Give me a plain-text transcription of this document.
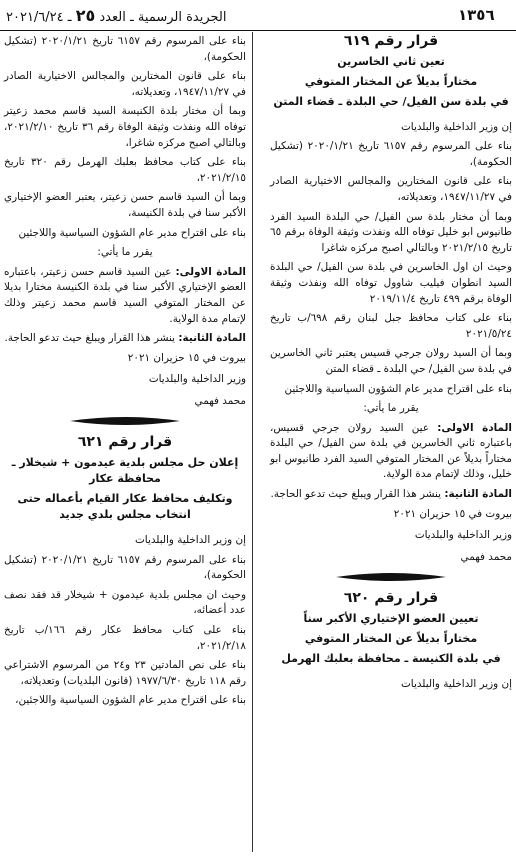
١٣٥٦
الجريدة الرسمية ـ العدد ٢٥ ـ ٢٠٢١/٦/٢٤

قرار رقم ٦١٩

تعين ثاني الخاسرين

مختاراً بديلاً عن المختار المتوفي

في بلدة سن الفيل/ حي البلدة ـ قضاء المتن

إن وزير الداخلية والبلديات

بناء على المرسوم رقم ٦١٥٧ تاريخ ٢٠٢٠/١/٢١ (تشكيل الحكومة)،

بناء على قانون المختارين والمجالس الاختيارية الصادر في ١٩٤٧/١١/٢٧، وتعديلاته،

وبما أن مختار بلدة سن الفيل/ حي البلدة السيد الفرد طانيوس ابو خليل توفاه الله ونفذت وثيقة الوفاة برقم ٦٥ تاريخ ٢٠٢١/٢/١٥ وبالتالي اصبح مركزه شاغرا

وحيث ان اول الخاسرين في بلدة سن الفيل/ حي البلدة السيد انطوان فيليب شاوول توفاه الله ونفذت وثيقة الوفاة برقم ٤٩٩ تاريخ ٢٠١٩/١١/٤

بناء على كتاب محافظ جبل لبنان رقم ٦٩٨/ب تاريخ ٢٠٢١/٥/٢٤

وبما أن السيد رولان جرجي قسيس يعتبر ثاني الخاسرين في بلدة سن الفيل/ حي البلدة ـ قضاء المتن

بناء على اقتراح مدير عام الشؤون السياسية واللاجئين

يقرر ما يأتي:

المادة الاولى: عين السيد رولان جرجي قسيس، باعتباره ثاني الخاسرين في بلدة سن الفيل/ حي البلدة مختاراً بديلاً عن المختار المتوفي السيد الفرد طانيوس ابو خليل، وذلك لإتمام مدة الولاية.

المادة الثانية: ينشر هذا القرار ويبلغ حيث تدعو الحاجة.

بيروت في ١٥ حزيران ٢٠٢١

وزير الداخلية والبلديات

محمد فهمي

قرار رقم ٦٢٠

تعيين العضو الإختياري الأكبر سناً

مختاراً بديلاً عن المختار المتوفي

في بلدة الكنيسة ـ محافظة بعلبك الهرمل

إن وزير الداخلية والبلديات

بناء على المرسوم رقم ٦١٥٧ تاريخ ٢٠٢٠/١/٢١ (تشكيل الحكومة)،

بناء على قانون المختارين والمجالس الاختيارية الصادر في ١٩٤٧/١١/٢٧، وتعديلاته،

وبما أن مختار بلدة الكنيسة السيد قاسم محمد زعيتر توفاه الله ونفذت وثيقة الوفاة رقم ٣٦ تاريخ ٢٠٢١/٢/١٠، وبالتالي اصبح مركزه شاغرا،

بناء على كتاب محافظ بعلبك الهرمل رقم ٣٢٠ تاريخ ٢٠٢١/٢/١٥،

وبما أن السيد قاسم حسن زعيتر، يعتبر العضو الإختياري الأكبر سنا في بلدة الكنيسة،

بناء على اقتراح مدير عام الشؤون السياسية واللاجئين

يقرر ما يأتي:

المادة الاولى: عين السيد قاسم حسن زعيتر، باعتباره العضو الإختياري الأكبر سنا في بلدة الكنيسة مختارا بديلا عن المختار المتوفي السيد قاسم محمد زعيتر وذلك لإتمام مدة الولاية.

المادة الثانية: ينشر هذا القرار ويبلغ حيث تدعو الحاجة.

بيروت في ١٥ حزيران ٢٠٢١

وزير الداخلية والبلديات

محمد فهمي

قرار رقم ٦٢١

إعلان حل مجلس بلدية عيدمون + شيخلار ـ محافظة عكار

وتكليف محافظ عكار القيام بأعماله حتى انتخاب مجلس بلدي جديد

إن وزير الداخلية والبلديات

بناء على المرسوم رقم ٦١٥٧ تاريخ ٢٠٢٠/١/٢١ (تشكيل الحكومة)،

وحيث ان مجلس بلدية عيدمون + شيخلار قد فقد نصف عدد أعضائه،

بناء على كتاب محافظ عكار رقم ١٦٦/ب تاريخ ٢٠٢١/٢/١٨،

بناء على نص المادتين ٢٣ و٢٤ من المرسوم الاشتراعي رقم ١١٨ تاريخ ١٩٧٧/٦/٣٠ (قانون البلديات) وتعديلاته،

بناء على اقتراح مدير عام الشؤون السياسية واللاجئين،
